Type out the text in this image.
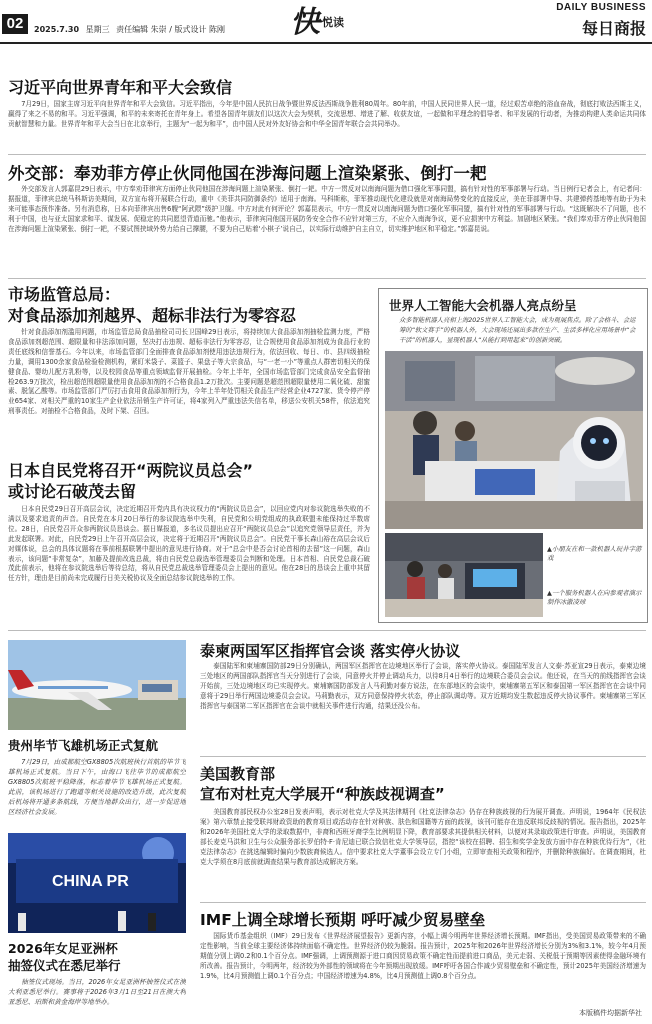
02	2025.7.30 星期三 责任编辑 朱崇 / 版式设计 陈刚 快 $^{悦读}$
DAILY BUSINESS
每日商报
习近平向世界青年和平大会致信

7月29日，国家主席习近平向世界青年和平大会致信。习近平指出，今年是中国人民抗日战争暨世界反法西斯战争胜利80周年。80年前，中国人民同世界人民一道，经过艰苦卓绝的浴血奋战，彻底打败法西斯主义，赢得了来之不易的和平。习近平强调，和平的未来寄托在青年身上。希望各国青年朋友们以这次大会为契机，交流思想、增进了解、收获友谊，一起做和平理念的倡导者、和平发展的行动者，为推动构建人类命运共同体贡献智慧和力量。世界青年和平大会当日在北京举行，主题为“一起为和平”，由中国人民对外友好协会和中华全国青年联合会共同举办。

外交部：奉劝菲方停止伙同他国在涉海问题上渲染紧张、倒打一耙

外交部发言人郭嘉昆29日表示，中方奉劝菲律宾方面停止伙同他国在涉海问题上渲染紧张、倒打一耙。中方一贯反对以南海问题为借口强化军事同盟，搞有针对性的军事部署与行动。当日例行记者会上，有记者问：据报道，菲律宾总统马科斯访美期间，双方宣布将开展联合行动，重申《美菲共同防御条约》适用于南海。马科斯称，菲军推动现代化建设就是对南海局势变化的直接反应，美在菲部署中导、共建弹药基地等有助于为未来可能事态预作准备。另有消息称，日本向菲律宾出售6艘“阿武隈”级护卫舰。中方对此有何评论？郭嘉昆表示，中方一贯反对以南海问题为借口强化军事同盟，搞有针对性的军事部署与行动。“这既解决不了问题，也不利于中国，也与亚太国家求和平、谋发展、促稳定的共同愿望背道而驰。”他表示，菲律宾同他国开展防务安全合作不应针对第三方，不应介入南海争议，更不应损害中方利益。加剧地区紧张。“我们奉劝菲方停止伙同他国在涉海问题上渲染紧张、倒打一耙，不要试图挟域外势力给自己撑腰，不要为自己贴着‘小棋子’说自己，以实际行动维护自主自立，切实维护地区和平稳定。”郭嘉昆说。

市场监管总局：
对食品添加剂越界、超标非法行为零容忍

针对食品添加剂滥用问题，市场监管总局食品抽检司司长卫国峰29日表示，将持续加大食品添加剂抽检监测力度，严格食品添加剂超范围、超限量和非法添加问题，坚决打击违规、超标非法行为零容忍，让合规使用食品添加剂成为食品行业的责任底线和信誉基石。今年以来，市场监管部门全面排查食品添加剂使用违法违规行为，依法回收、每日、市、县四级抽检力量，调用1300余家食品检验检测机构，紧盯米袋子、菜篮子、果盘子等大宗食品，与“一老一小”等重点人群密切相关的保健食品、婴幼儿配方乳粉等，以及校园食品等重点领域监督开展抽检。今年上半年，全国市场监管部门完成食品安全监督抽检263.9万批次，检出超范围超限量使用食品添加剂的不合格食品1.2万批次。主要问题是超范围超限量使用二氧化硫、甜蜜素、脱氢乙酸等。市场监管部门严厉打击食用食品添加剂行为，今年上半年处罚相关食品生产经营企业4727家、货令停产停业654家、对相关严重的10家生产企业依法吊销生产许可证，将4家列入严重违法失信名单，移送公安机关58件，依法追究刑事责任。对抽检不合格食品，及时下架、召回。

日本自民党将召开“两院议员总会”
或讨论石破茂去留

日本自民党29日召开高层会议，决定近期召开党内具有决议权力的“两院议员总会”，以回应党内对参议院选举失败的不满以及要求追责的声音。自民党在本月20日举行的参议院选举中失利，自民党和公明党组成的执政联盟未能保持过半数席位。28日，自民党召开众参两院议员恳谈会。据日媒报道，多名议员提出应召开“两院议员总会”以追究党领导层责任，并为此发起联署。对此，自民党29日上午召开高层会议，决定将于近期召开“两院议员总会”。自民党干事长森山裕在高层会议后对媒体说，总会的具体议题将在事前根据联署中提出的意见进行协商。对于“总会中是否会讨论首相的去留”这一问题，森山表示，该问题“非常复杂”，加藤及提前改选总裁，将由自民党总裁选举管理委员会判断和处理。日本首相、自民党总裁石破茂此前表示，他将在参议院选举后等待总结，将从自民党总裁选举管理委员会上提出的意见。他在28日的恳谈会上重申其留任方针，理由是目前尚未完成履行日美关税协议及全面总结参议院选举的工作。

世界人工智能大会机器人亮点纷呈
众多智能机器人亮相上海2025世界人工智能大会，成为观展焦点。除了会格斗、会运筹的“软文赛手”的机器人外，大会现场还展出多款在生产、生活多样化应用场景中“会干活”的机器人，显现机器人“从能打到用起来”的创新突破。
▲小朋友在和一款机器人玩井字游戏
▲一个服务机器人在向参观者演示制作冰激凌球
贵州毕节飞雄机场正式复航

7月29日，由成都航空GX8805次航班执行首航的毕节飞雄机场正式复航。当日下午，由海口飞往毕节的成都航空GX8805次航班平稳降落，标志着毕节飞雄机场正式复航。此前，该机场进行了跑道等相关设施的改造升级，此次复航后机场将开通多条航线，方便当地群众出行，进一步促进地区经济社会发展。

CHINA PR
2026年女足亚洲杯
抽签仪式在悉尼举行

抽签仪式现场。当日，2026年女足亚洲杯抽签仪式在澳大利亚悉尼举行。赛事将于2026年3月1日至21日在澳大利亚悉尼、珀斯和黄金海岸等地举办。

泰柬两国军区指挥官会谈 落实停火协议

泰国陆军和柬埔寨国防部29日分别确认，两国军区指挥官在边境地区举行了会谈，落实停火协议。泰国陆军发言人文泰·苏亚宣29日表示，泰柬边境三处地区的两国部队指挥官当天分别进行了会谈，同意停火并停止调动兵力，以待8月4日举行的边境联合委员会会议。他还说，在当天的前线指挥官会谈开始前，三处边境地区均已实现停火。柬埔寨国防部发言人马莉勤对泰方说法，在东部地区的会谈中，柬埔寨第五军区和泰国第一军区指挥官在会谈中同意将于29日举行两国边境委员会会议。马莉勤表示，双方同意保持停火状态，停止部队调动等。双方近期均发生数起违反停火协议事件。柬埔寨第三军区指挥官与泰国第二军区指挥官在会谈中就相关事件进行沟通，结果还没公布。

美国教育部
宣布对杜克大学展开“种族歧视调查”

美国教育部民权办公室28日发表声明，表示对杜克大学及其法律期刊《杜克法律杂志》仍存在种族歧视的行为展开调查。声明说，1964年《民权法案》第六章禁止接受联邦财政资助的教育项目或活动存在针对种族、肤色和国籍等方面的歧视，该刊可能存在违反联邦反歧视的情况。报告指出，2025年和2026年美国杜克大学的录取数据中，非裔和西班牙裔学生比例明显下降，教育部要求其提供相关材料，以便对其录取政策进行审查。声明说，美国教育部长麦克马洪和卫生与公众服务部长罗伯特·F·肯尼迪已联合致信杜克大学领导层，指控“该校在招聘、招生和奖学金发放方面中存在种族优待行为”，《杜克法律杂志》在挑选编辑时偏向少数族裔候选人。信中要求杜克大学董事会设立专门小组，立即审查相关政策和程序，并删除种族偏好。在调查期间，杜克大学须在8月底前就调查结果与教育部达成解决方案。

IMF上调全球增长预期 呼吁减少贸易壁垒

国际货币基金组织（IMF）29日发布《世界经济展望报告》更新内容，小幅上调今明两年世界经济增长预期。IMF指出，受美国贸易政策带来的不确定性影响，当前全球主要经济体持续面临不确定性。世界经济仍较为脆弱。报告预计，2025年和2026年世界经济增长分别为3%和3.1%，较今年4月预期值分别上调0.2和0.1个百分点。IMF强调，上调预测源于进口商因贸易政策不确定性而提前进口商品，美元走弱、关税低于预期等因素使得金融环境有所改善。报告预计，今明两年，经济较为外部性的领域将在今年预期出现放缓。IMF呼吁各国合作减少贸易壁垒和不确定性，预计2025年美国经济增速为1.9%，比4月预测值上调0.1个百分点；中国经济增速为4.8%，比4月预测值上调0.8个百分点。

本版稿件均据新华社
